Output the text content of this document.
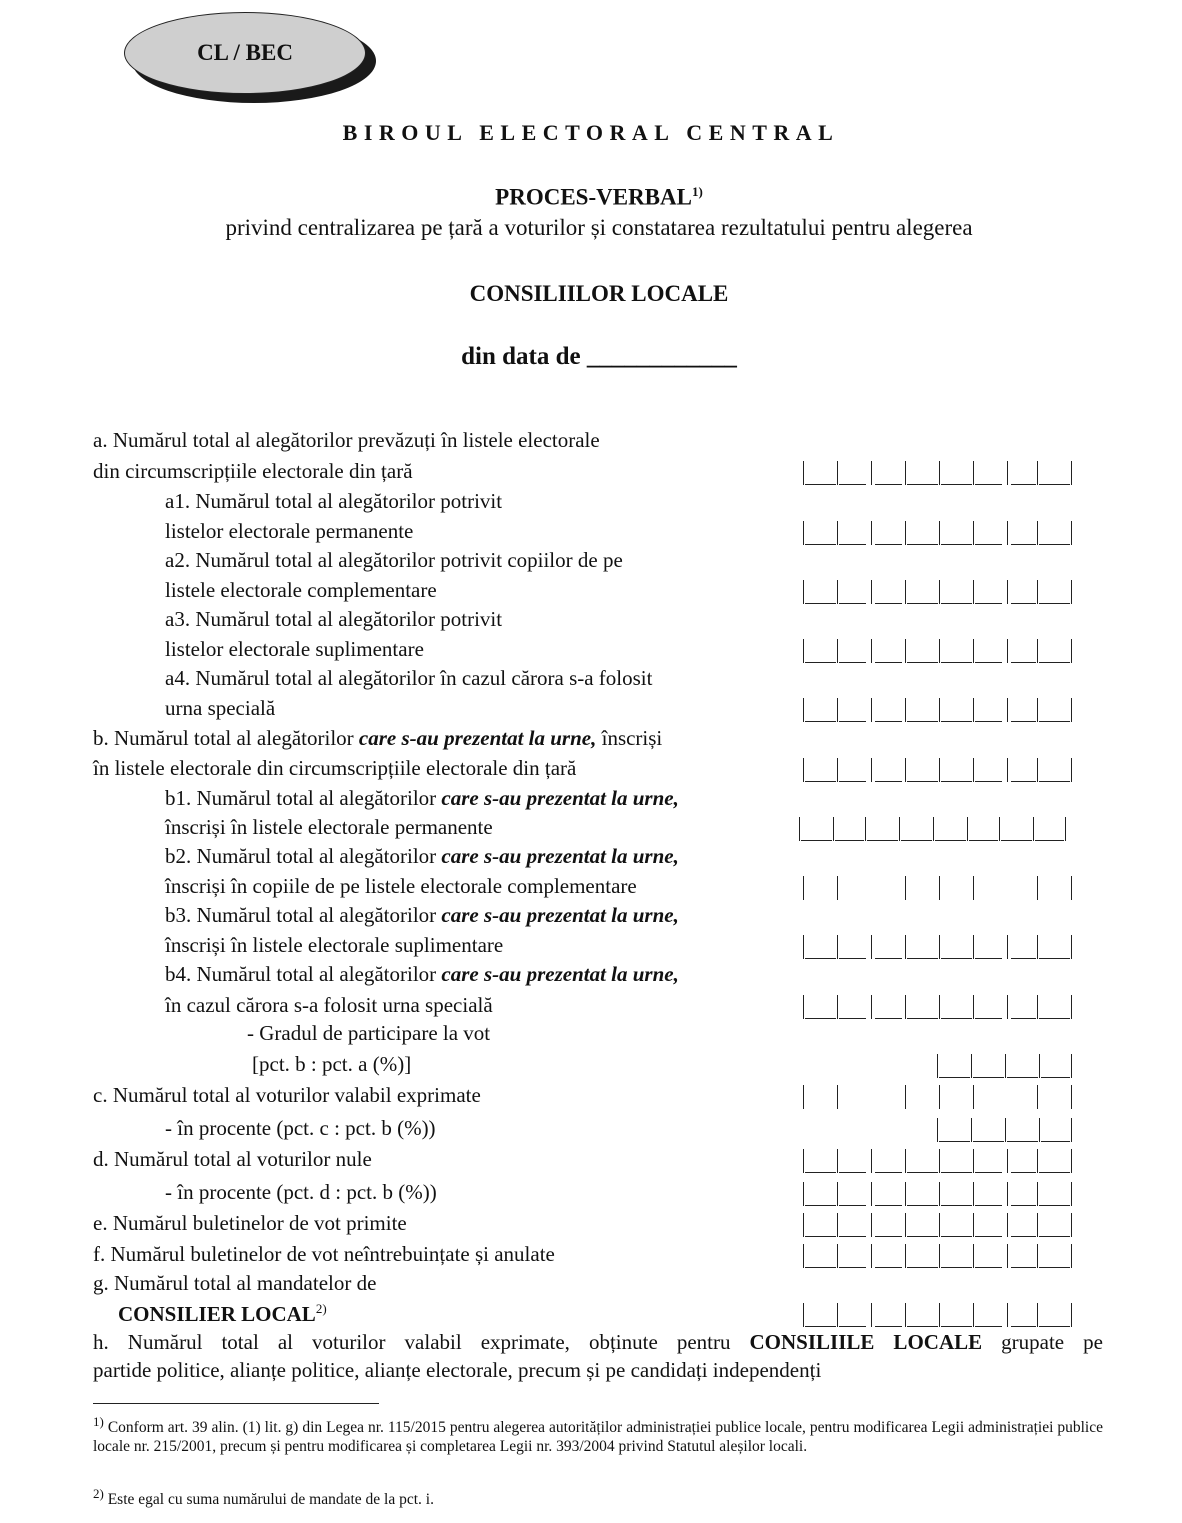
CL / BEC
BIROUL ELECTORAL CENTRAL
PROCES-VERBAL$^{1)}$
privind centralizarea pe țară a voturilor și constatarea rezultatului pentru alegerea
CONSILIILOR LOCALE
din data de ____________
a. Numărul total al alegătorilor prevăzuți în listele electorale
din circumscripțiile electorale din țară
a1. Numărul total al alegătorilor potrivit
listelor electorale permanente
a2. Numărul total al alegătorilor potrivit copiilor de pe
listele electorale complementare
a3. Numărul total al alegătorilor potrivit
listelor electorale suplimentare
a4. Numărul total al alegătorilor în cazul cărora s-a folosit
urna specială
b. Numărul total al alegătorilor care s-au prezentat la urne, înscriși
în listele electorale din circumscripțiile electorale din țară
b1. Numărul total al alegătorilor care s-au prezentat la urne,
înscriși în listele electorale permanente
b2. Numărul total al alegătorilor care s-au prezentat la urne,
înscriși în copiile de pe listele electorale complementare
b3. Numărul total al alegătorilor care s-au prezentat la urne,
înscriși în listele electorale suplimentare
b4. Numărul total al alegătorilor care s-au prezentat la urne,
în cazul cărora s-a folosit urna specială
- Gradul de participare la vot
[pct. b : pct. a (%)]
c. Numărul total al voturilor valabil exprimate
- în procente (pct. c : pct. b (%))
d. Numărul total al voturilor nule
- în procente (pct. d : pct. b (%))
e. Numărul buletinelor de vot primite
f. Numărul buletinelor de vot neîntrebuințate și anulate
g. Numărul total al mandatelor de
CONSILIER LOCAL$^{2)}$
h. Numărul total al voturilor valabil exprimate, obținute pentru CONSILIILE LOCALE grupate pe
partide politice, alianțe politice, alianțe electorale, precum și pe candidați independenți
$^{1)}$ Conform art. 39 alin. (1) lit. g) din Legea nr. 115/2015 pentru alegerea autorităților administrației publice locale, pentru modificarea Legii administrației publice locale nr. 215/2001, precum și pentru modificarea și completarea Legii nr. 393/2004 privind Statutul aleșilor locali.
$^{2)}$ Este egal cu suma numărului de mandate de la pct. i.
